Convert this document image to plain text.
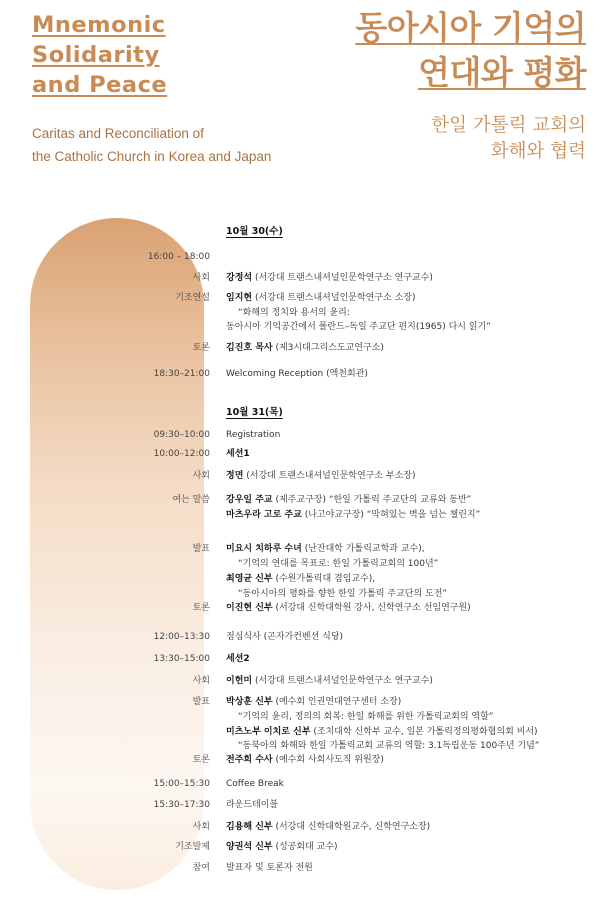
Mnemonic
Solidarity
and Peace
Caritas and Reconciliation of
the Catholic Church in Korea and Japan
동아시아 기억의
연대와 평화
한일 가톨릭 교회의
화해와 협력
10월 30(수)
16:00 – 18:00
사회 강정석 (서강대 트랜스내셔널인문학연구소 연구교수)
기조연설 임지현 (서강대 트랜스내셔널인문학연구소 소장)
“화해의 정치와 용서의 윤리:
동아시아 기억공간에서 폴란드–독일 주교단 편지(1965) 다시 읽기”
토론 김진호 목사 (제3시대그리스도교연구소)
18:30–21:00 Welcoming Reception (엑천회관)
10월 31(목)
09:30–10:00 Registration
10:00–12:00 세션1
사회 정면 (서강대 트랜스내셔널인문학연구소 부소장)
여는 말씀 강우일 주교 (제주교구장) “한일 가톨릭 주교단의 교류와 동반”
마츠우라 고로 주교 (나고야교구장) “막혀있는 벽을 넘는 챌린지”
발표 미요시 치하루 수녀 (난잔대학 가톨릭교학과 교수),
“기억의 연대를 목표로: 한일 가톨릭교회의 100년”
최영균 신부 (수원가톨릭대 겸임교수),
“동아시아의 평화를 향한 한일 가톨릭 주교단의 도전”
토론 이진현 신부 (서강대 신학대학원 강사, 신학연구소 선임연구원)
12:00–13:30 점심식사 (곤자가컨벤션 식당)
13:30–15:00 세션2
사회 이헌미 (서강대 트랜스내셔널인문학연구소 연구교수)
발표 박상훈 신부 (예수회 인권연대연구센터 소장)
“기억의 윤리, 정의의 회복: 한일 화해를 위한 가톨릭교회의 역할”
미츠노부 이치로 신부 (조치대학 신학부 교수, 일본 가톨릭정의평화협의회 비서)
“동북아의 화해와 한일 가톨릭교회 교류의 역할: 3.1독립운동 100주년 기념”
토론 전주희 수사 (예수회 사회사도직 위원장)
15:00–15:30 Coffee Break
15:30–17:30 라운드테이블
사회 김용해 신부 (서강대 신학대학원교수, 신학연구소장)
기조발제 양권석 신부 (성공회대 교수)
참여 발표자 및 토론자 전원
